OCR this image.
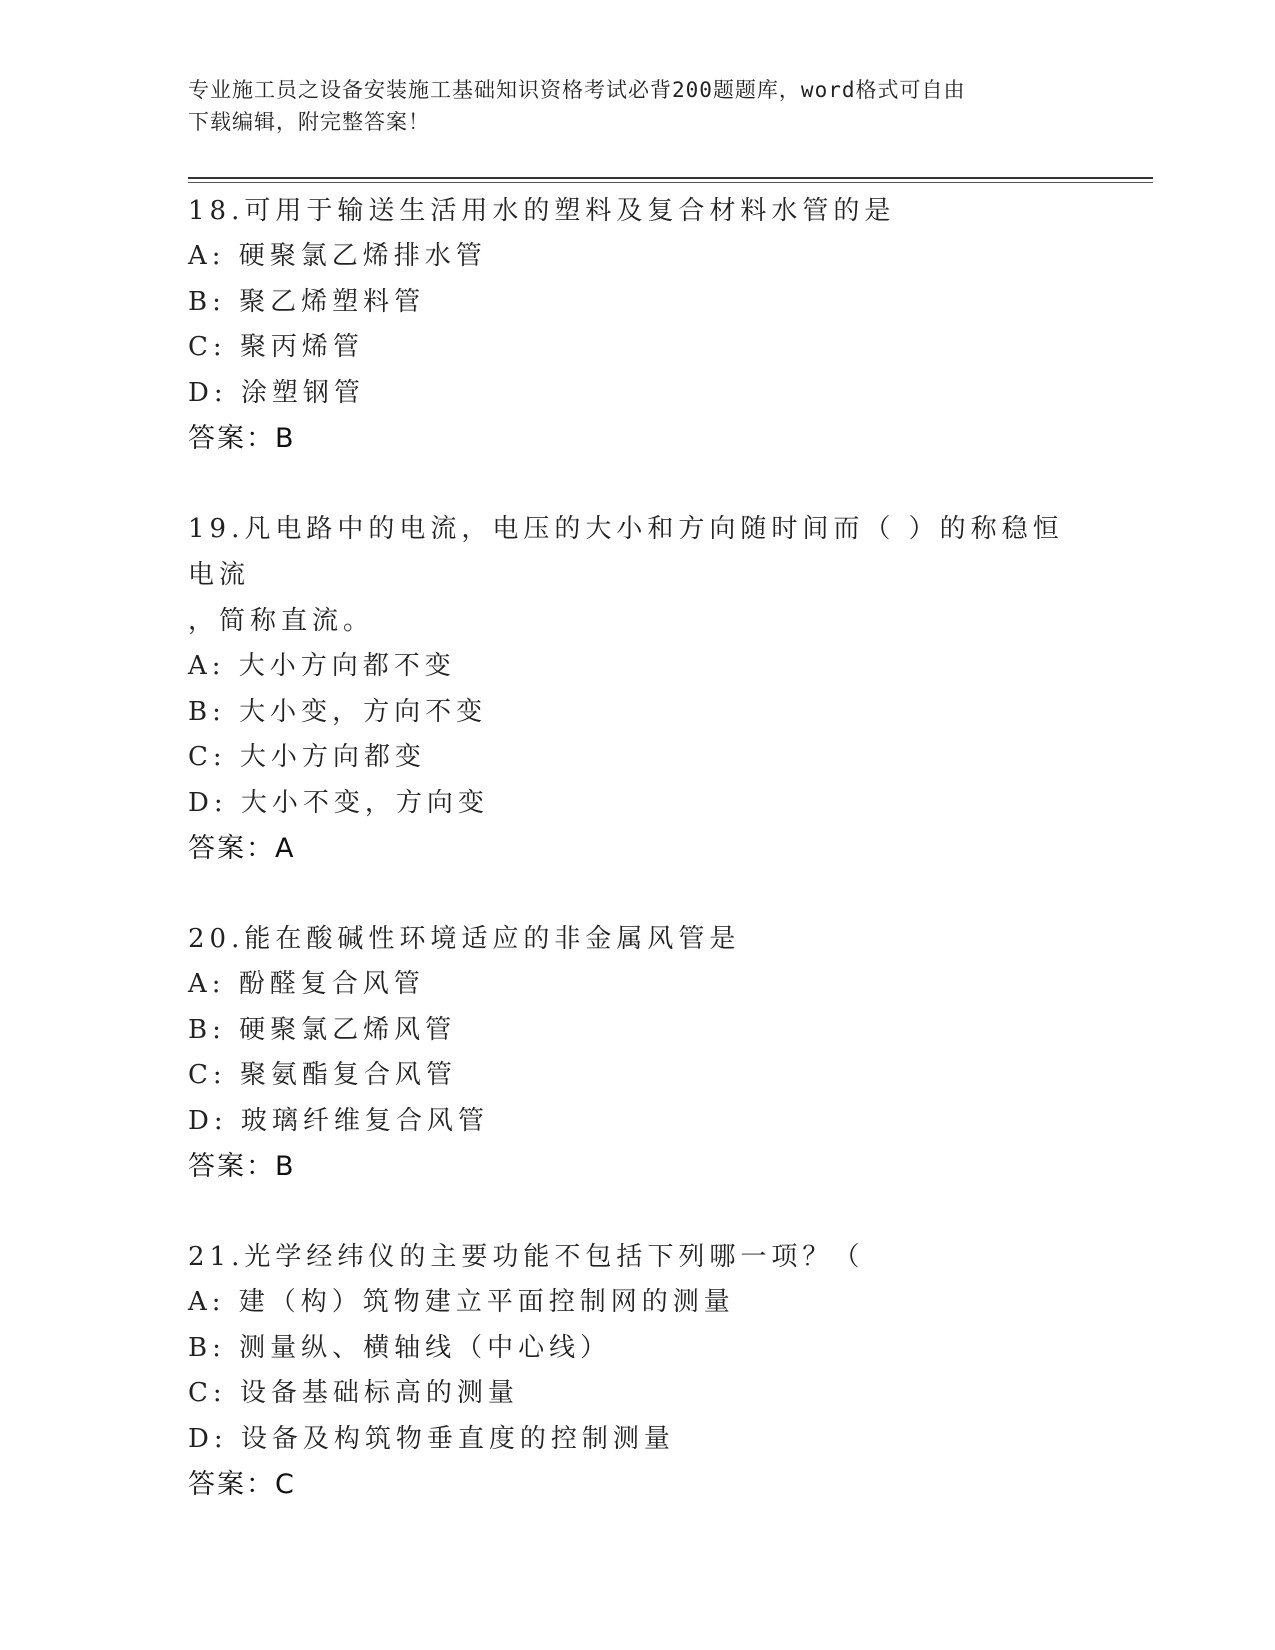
专业施工员之设备安装施工基础知识资格考试必背200题题库，word格式可自由
下载编辑，附完整答案！
18.可用于输送生活用水的塑料及复合材料水管的是
A: 硬聚氯乙烯排水管
B: 聚乙烯塑料管
C: 聚丙烯管
D: 涂塑钢管
答案：B
19.凡电路中的电流，电压的大小和方向随时间而（ ）的称稳恒电流
，简称直流。
A: 大小方向都不变
B: 大小变，方向不变
C: 大小方向都变
D: 大小不变，方向变
答案：A
20.能在酸碱性环境适应的非金属风管是
A: 酚醛复合风管
B: 硬聚氯乙烯风管
C: 聚氨酯复合风管
D: 玻璃纤维复合风管
答案：B
21.光学经纬仪的主要功能不包括下列哪一项？（
A: 建（构）筑物建立平面控制网的测量
B: 测量纵、横轴线（中心线）
C: 设备基础标高的测量
D: 设备及构筑物垂直度的控制测量
答案：C
